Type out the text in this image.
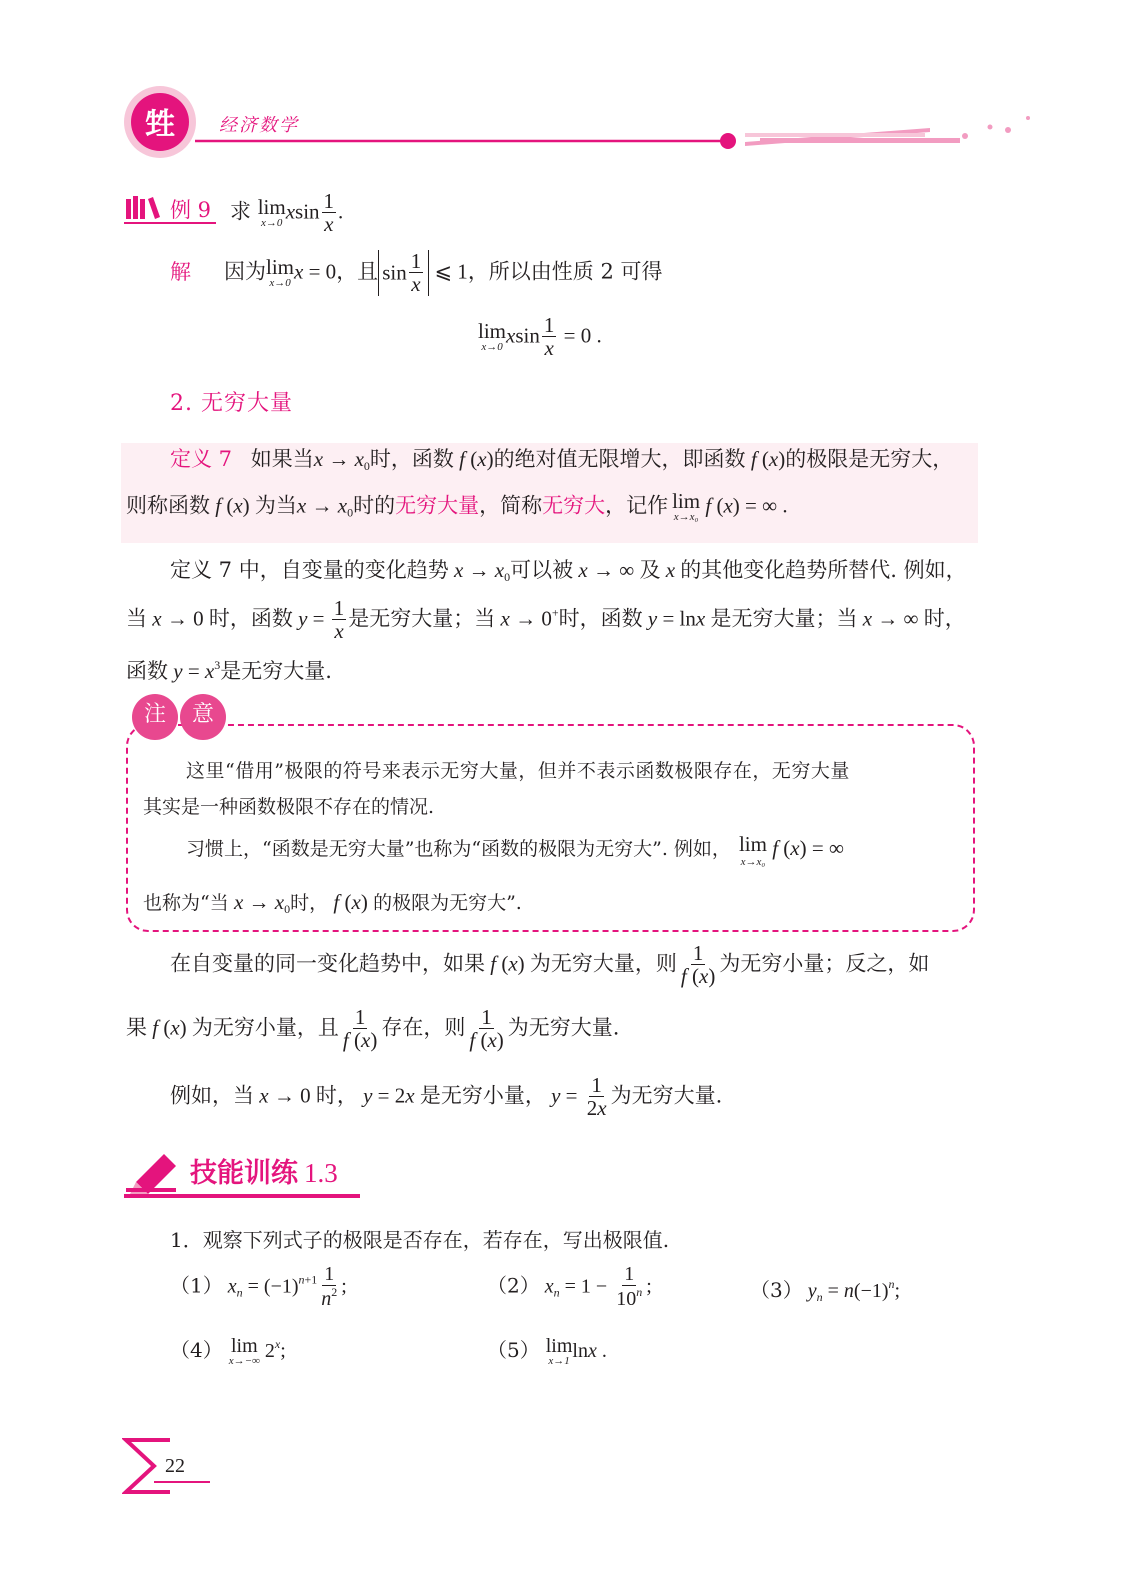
甡	经济数学
例 9 求 lim
x→0 xsin $\frac{1}{x}$ .
解 因为 lim
x→0 x = 0，且 $\sin \frac{1}{x}$ ⩽ 1，所以由性质 2 可得
lim
x→0 xsin $\frac{1}{x} = 0$ .
2. 无穷大量
定义 7 如果当$x \to x_0$时，函数 f (x)的绝对值无限增大，即函数 f (x)的极限是无穷大，
则称函数 f (x) 为当$x \to x_0$时的无穷大量，简称无穷大，记作 lim
x→x₀ f (x) = ∞ .
定义 7 中，自变量的变化趋势 $x \to x_0$可以被 x → ∞ 及 x 的其他变化趋势所替代. 例如，
当 x → 0 时，函数 $y = \frac{1}{x}$ 是无穷大量；当 x → 0+时，函数 y = lnx 是无穷大量；当 x → ∞ 时，
函数 $y = x^3$是无穷大量.
注	意
这里“借用”极限的符号来表示无穷大量，但并不表示函数极限存在，无穷大量
其实是一种函数极限不存在的情况.
习惯上，“函数是无穷大量”也称为“函数的极限为无穷大”. 例如， lim
x→x₀
f (x) = ∞
也称为“当 $x \to x_0$时， f (x) 的极限为无穷大”.
在自变量的同一变化趋势中，如果 f (x) 为无穷大量，则 $\frac{1}{f (x)}$ 为无穷小量；反之，如
果 f (x) 为无穷小量，且 $\frac{1}{f (x)}$ 存在，则 $\frac{1}{f (x)}$ 为无穷大量.
例如，当 x → 0 时， y = 2x 是无穷小量， $y = \frac{1}{2x}$ 为无穷大量.
技能训练 1.3
1．观察下列式子的极限是否存在，若存在，写出极限值.
（1） $x_n = (-1)^{n+1} \frac{1}{n^2}$ ;	（2） $x_n = 1 - \frac{1}{10^n}$ ;	（3） $y_n = n(-1)^n$;
（4） lim
x→−∞ 2$^x$;	（5） lim
x→1 lnx .
22
